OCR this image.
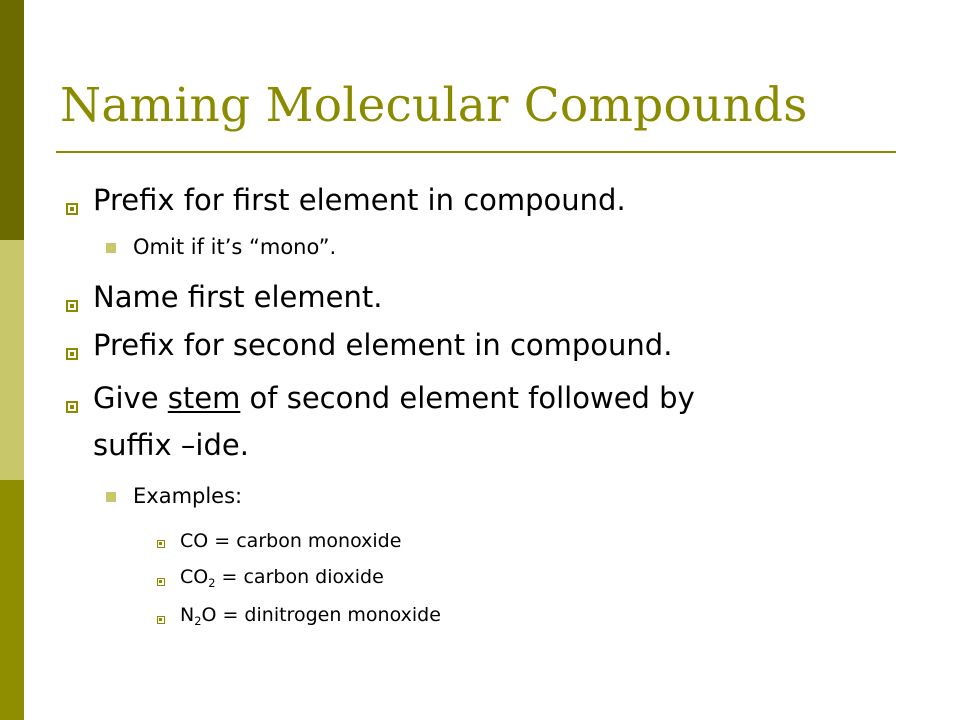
Naming Molecular Compounds
Prefix for first element in compound.
Omit if it’s “mono”.
Name first element.
Prefix for second element in compound.
Give stem of second element followed by
suffix –ide.
Examples:
CO = carbon monoxide
$CO_2$ = carbon dioxide
$N_2O$ = dinitrogen monoxide
